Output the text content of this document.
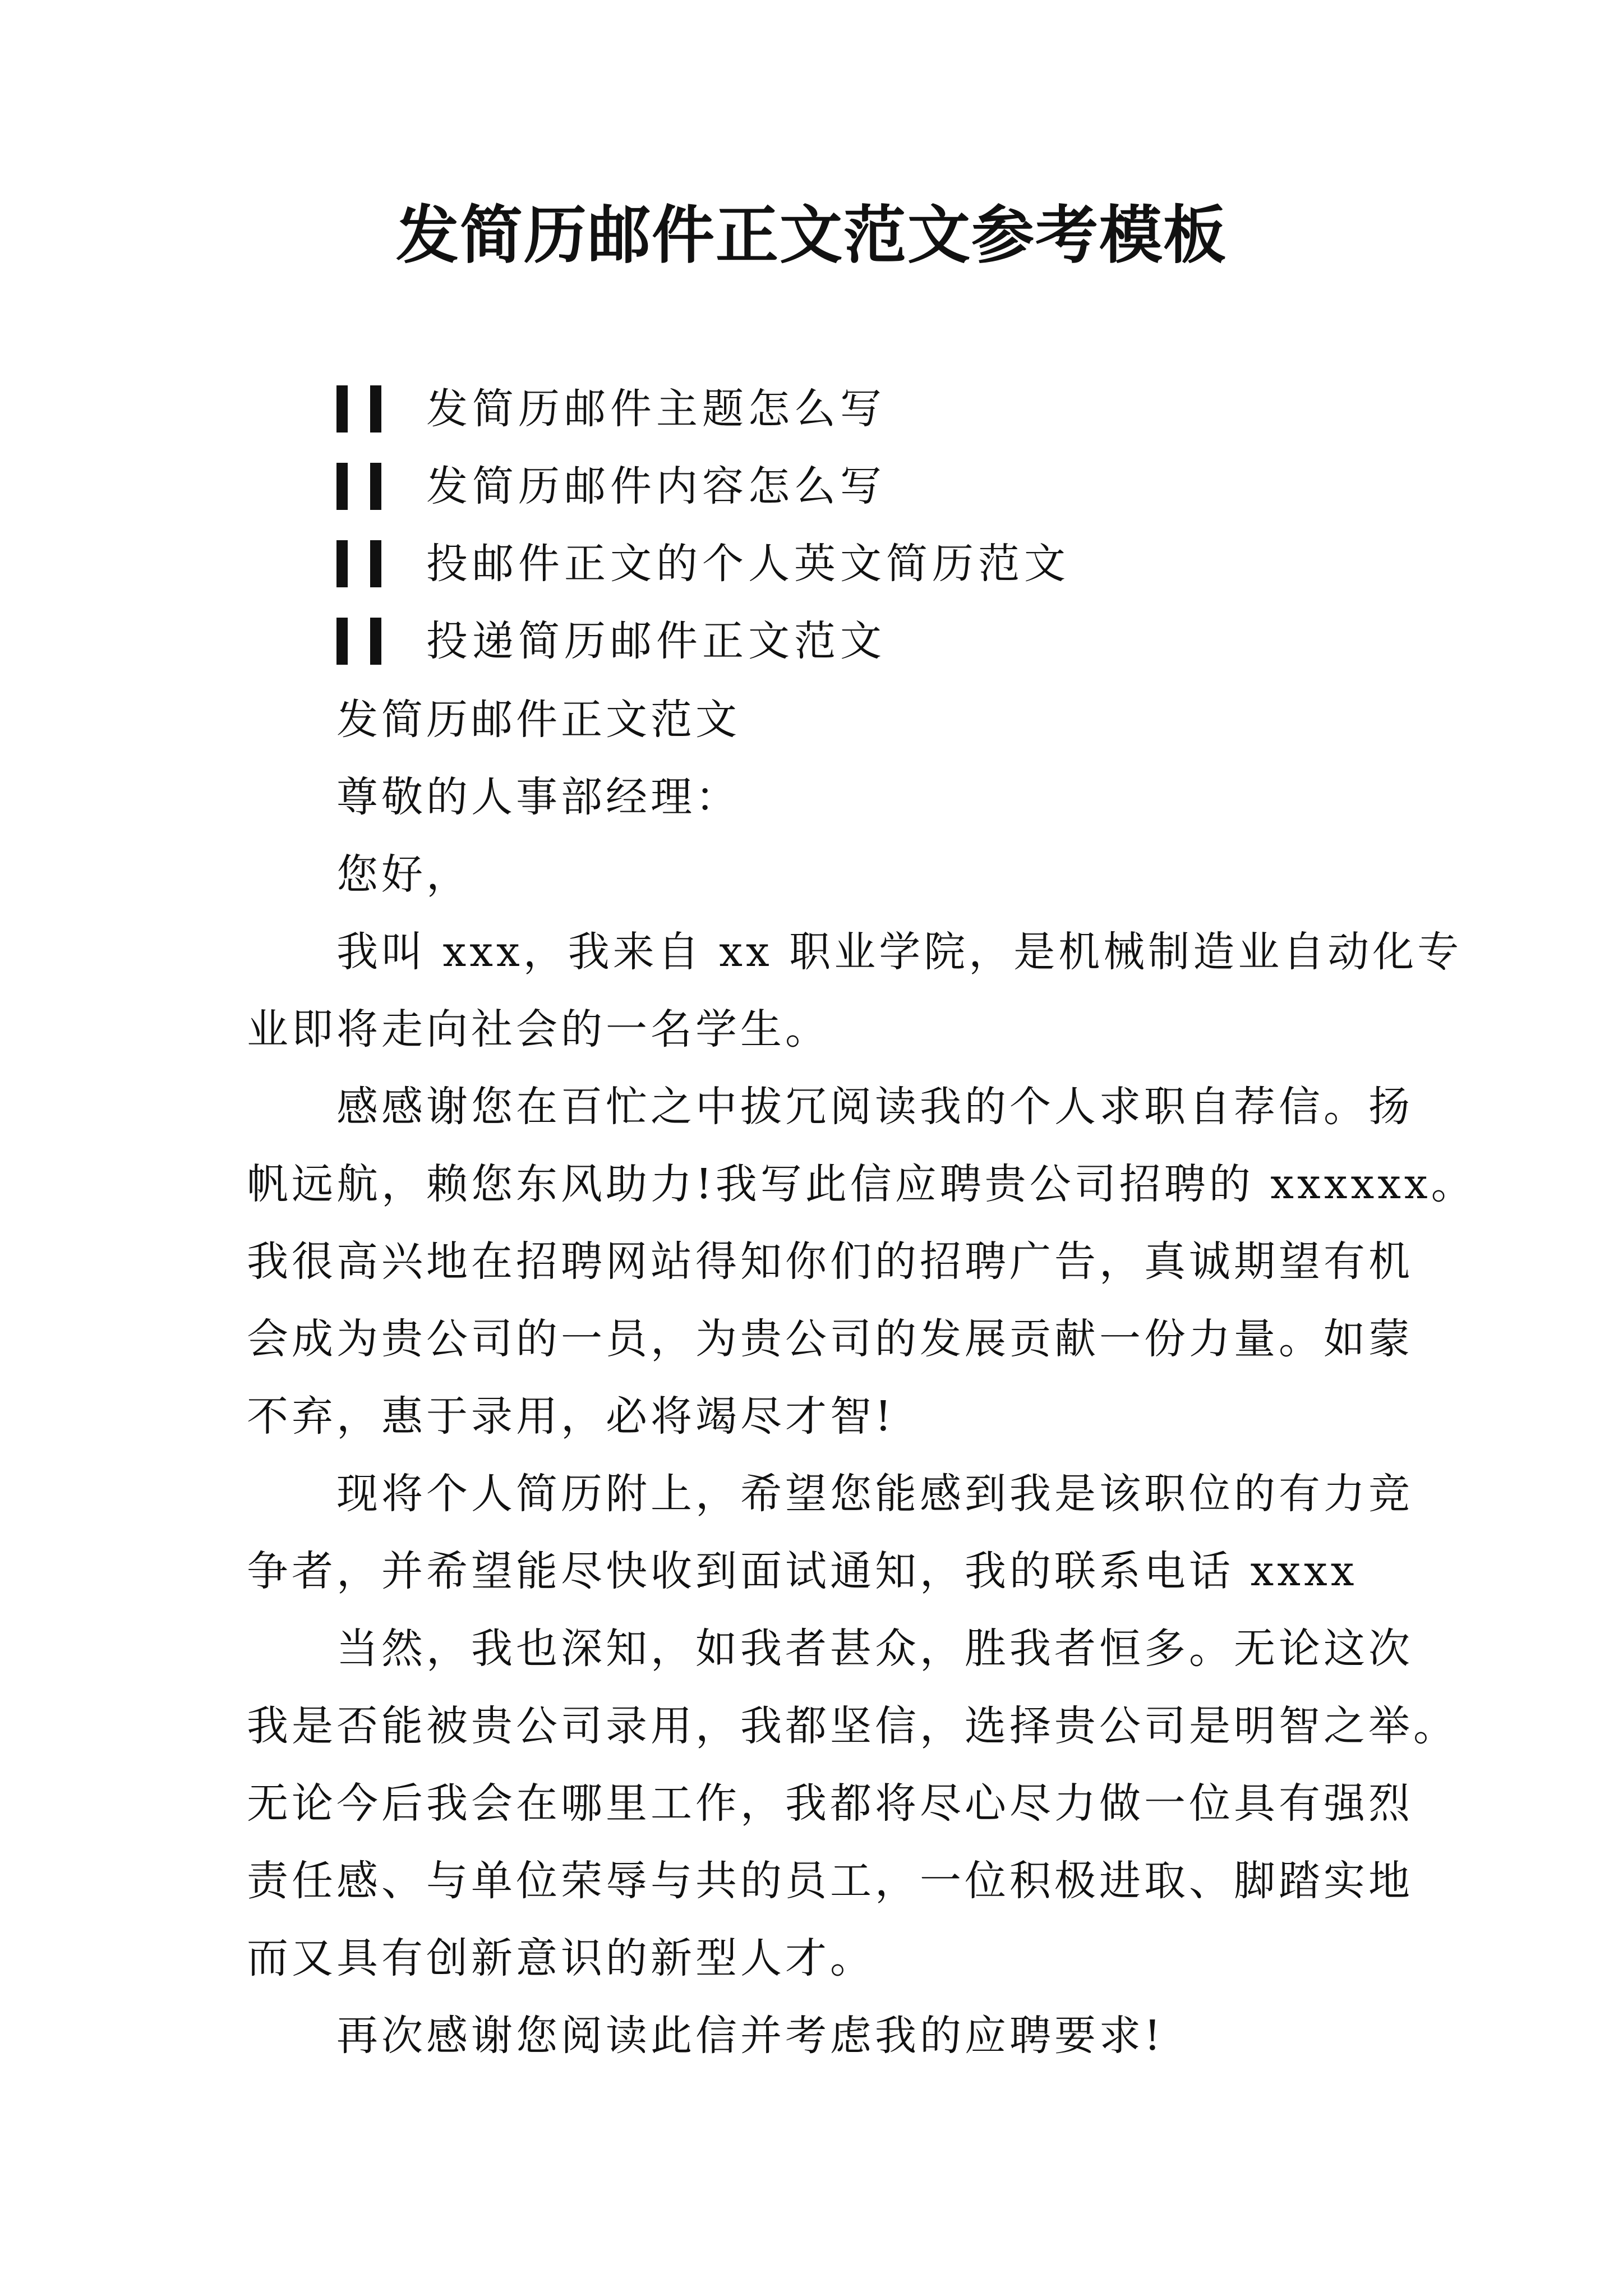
发简历邮件正文范文参考模板
发简历邮件主题怎么写
发简历邮件内容怎么写
投邮件正文的个人英文简历范文
投递简历邮件正文范文
发简历邮件正文范文
尊敬的人事部经理：
您好，
我叫 xxx，我来自 xx 职业学院，是机械制造业自动化专
业即将走向社会的一名学生。
感感谢您在百忙之中拔冗阅读我的个人求职自荐信。扬
帆远航，赖您东风助力!我写此信应聘贵公司招聘的 xxxxxx。
我很高兴地在招聘网站得知你们的招聘广告，真诚期望有机
会成为贵公司的一员，为贵公司的发展贡献一份力量。如蒙
不弃，惠于录用，必将竭尽才智!
现将个人简历附上，希望您能感到我是该职位的有力竞
争者，并希望能尽快收到面试通知，我的联系电话 xxxx
当然，我也深知，如我者甚众，胜我者恒多。无论这次
我是否能被贵公司录用，我都坚信，选择贵公司是明智之举。
无论今后我会在哪里工作，我都将尽心尽力做一位具有强烈
责任感、与单位荣辱与共的员工，一位积极进取、脚踏实地
而又具有创新意识的新型人才。
再次感谢您阅读此信并考虑我的应聘要求!
